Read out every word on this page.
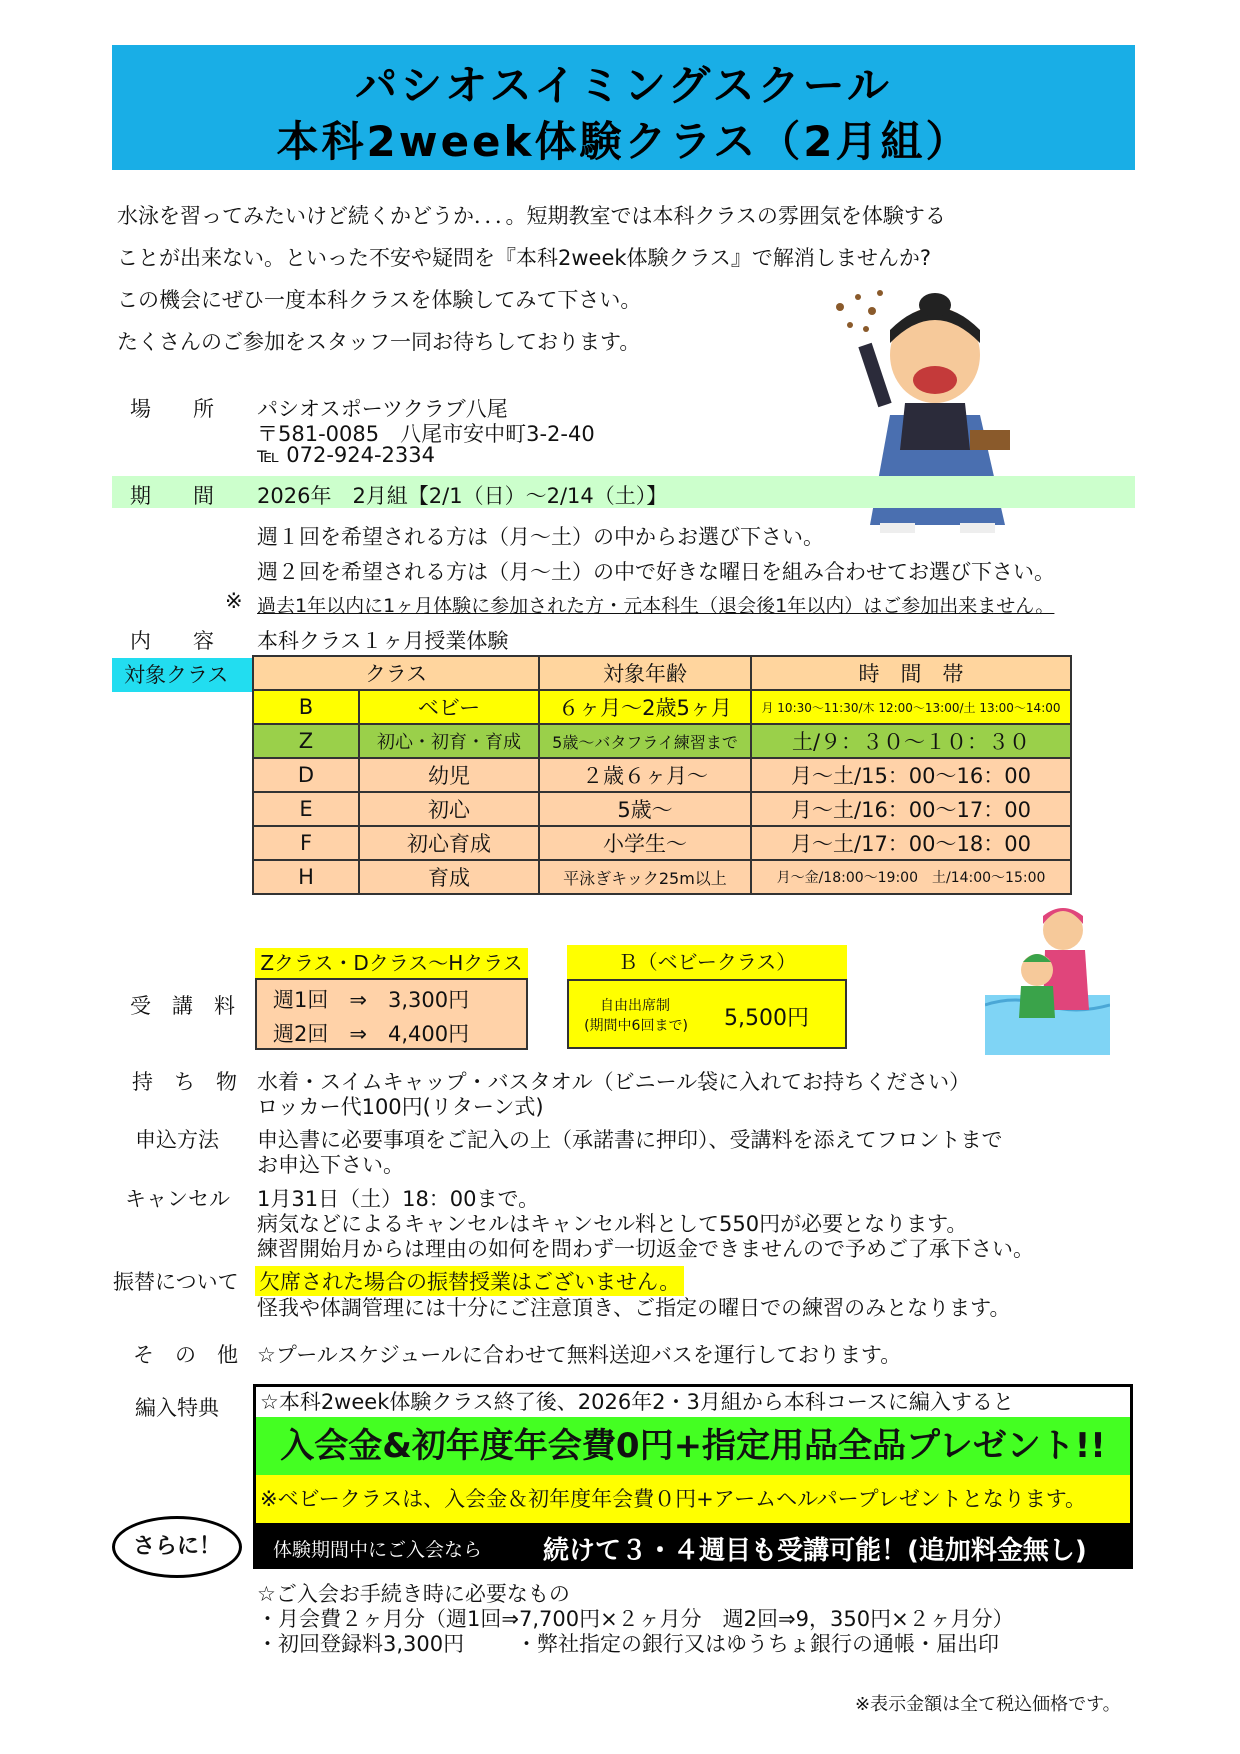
パシオスイミングスクール
本科2week体験クラス（2月組）
水泳を習ってみたいけど続くかどうか．．．。短期教室では本科クラスの雰囲気を体験する
ことが出来ない。といった不安や疑問を『本科2week体験クラス』で解消しませんか?
この機会にぜひ一度本科クラスを体験してみて下さい。
たくさんのご参加をスタッフ一同お待ちしております。
場　　所 パシオスポーツクラブ八尾
〒581-0085　八尾市安中町3-2-40
℡ 072-924-2334
期　　間 2026年　2月組【2/1（日）～2/14（土）】
週１回を希望される方は（月～土）の中からお選び下さい。
週２回を希望される方は（月～土）の中で好きな曜日を組み合わせてお選び下さい。
※ 過去1年以内に1ヶ月体験に参加された方・元本科生（退会後1年以内）はご参加出来ません。
内　　容 本科クラス１ヶ月授業体験
対象クラス	クラス		対象年齢	時　間　帯
B	ベビー	６ヶ月～2歳5ヶ月	月 10:30～11:30/木 12:00～13:00/土 13:00～14:00
Z	初心・初育・育成	5歳～バタフライ練習まで	土/９：３０～１０：３０
D	幼児	２歳６ヶ月～	月～土/15：00～16：00
E	初心	5歳～	月～土/16：00～17：00
F	初心育成	小学生～	月～土/17：00～18：00
H	育成	平泳ぎキック25m以上	月～金/18:00～19:00　土/14:00～15:00
受　講　料
Zクラス・Dクラス～Hクラス
週1回　⇒　3,300円
週2回　⇒　4,400円
Ｂ（ベビークラス）
自由出席制
(期間中6回まで)	5,500円
持　ち　物 水着・スイムキャップ・バスタオル（ビニール袋に入れてお持ちください）
ロッカー代100円(リターン式)
申込方法 申込書に必要事項をご記入の上（承諾書に押印）、受講料を添えてフロントまで
お申込下さい。
キャンセル 1月31日（土）18：00まで。
病気などによるキャンセルはキャンセル料として550円が必要となります。
練習開始月からは理由の如何を問わず一切返金できませんので予めご了承下さい。
振替について 欠席された場合の振替授業はございません。
怪我や体調管理には十分にご注意頂き、ご指定の曜日での練習のみとなります。
そ　の　他 ☆プールスケジュールに合わせて無料送迎バスを運行しております。
編入特典 ☆本科2week体験クラス終了後、2026年2・3月組から本科コースに編入すると
入会金&初年度年会費0円+指定用品全品プレゼント!!
※ベビークラスは、入会金＆初年度年会費０円+アームヘルパープレゼントとなります。
体験期間中にご入会なら 続けて３・４週目も受講可能！(追加料金無し)
さらに！
☆ご入会お手続き時に必要なもの
・月会費２ヶ月分（週1回⇒7,700円×２ヶ月分　週2回⇒9，350円×２ヶ月分）
・初回登録料3,300円 ・弊社指定の銀行又はゆうちょ銀行の通帳・届出印
※表示金額は全て税込価格です。
